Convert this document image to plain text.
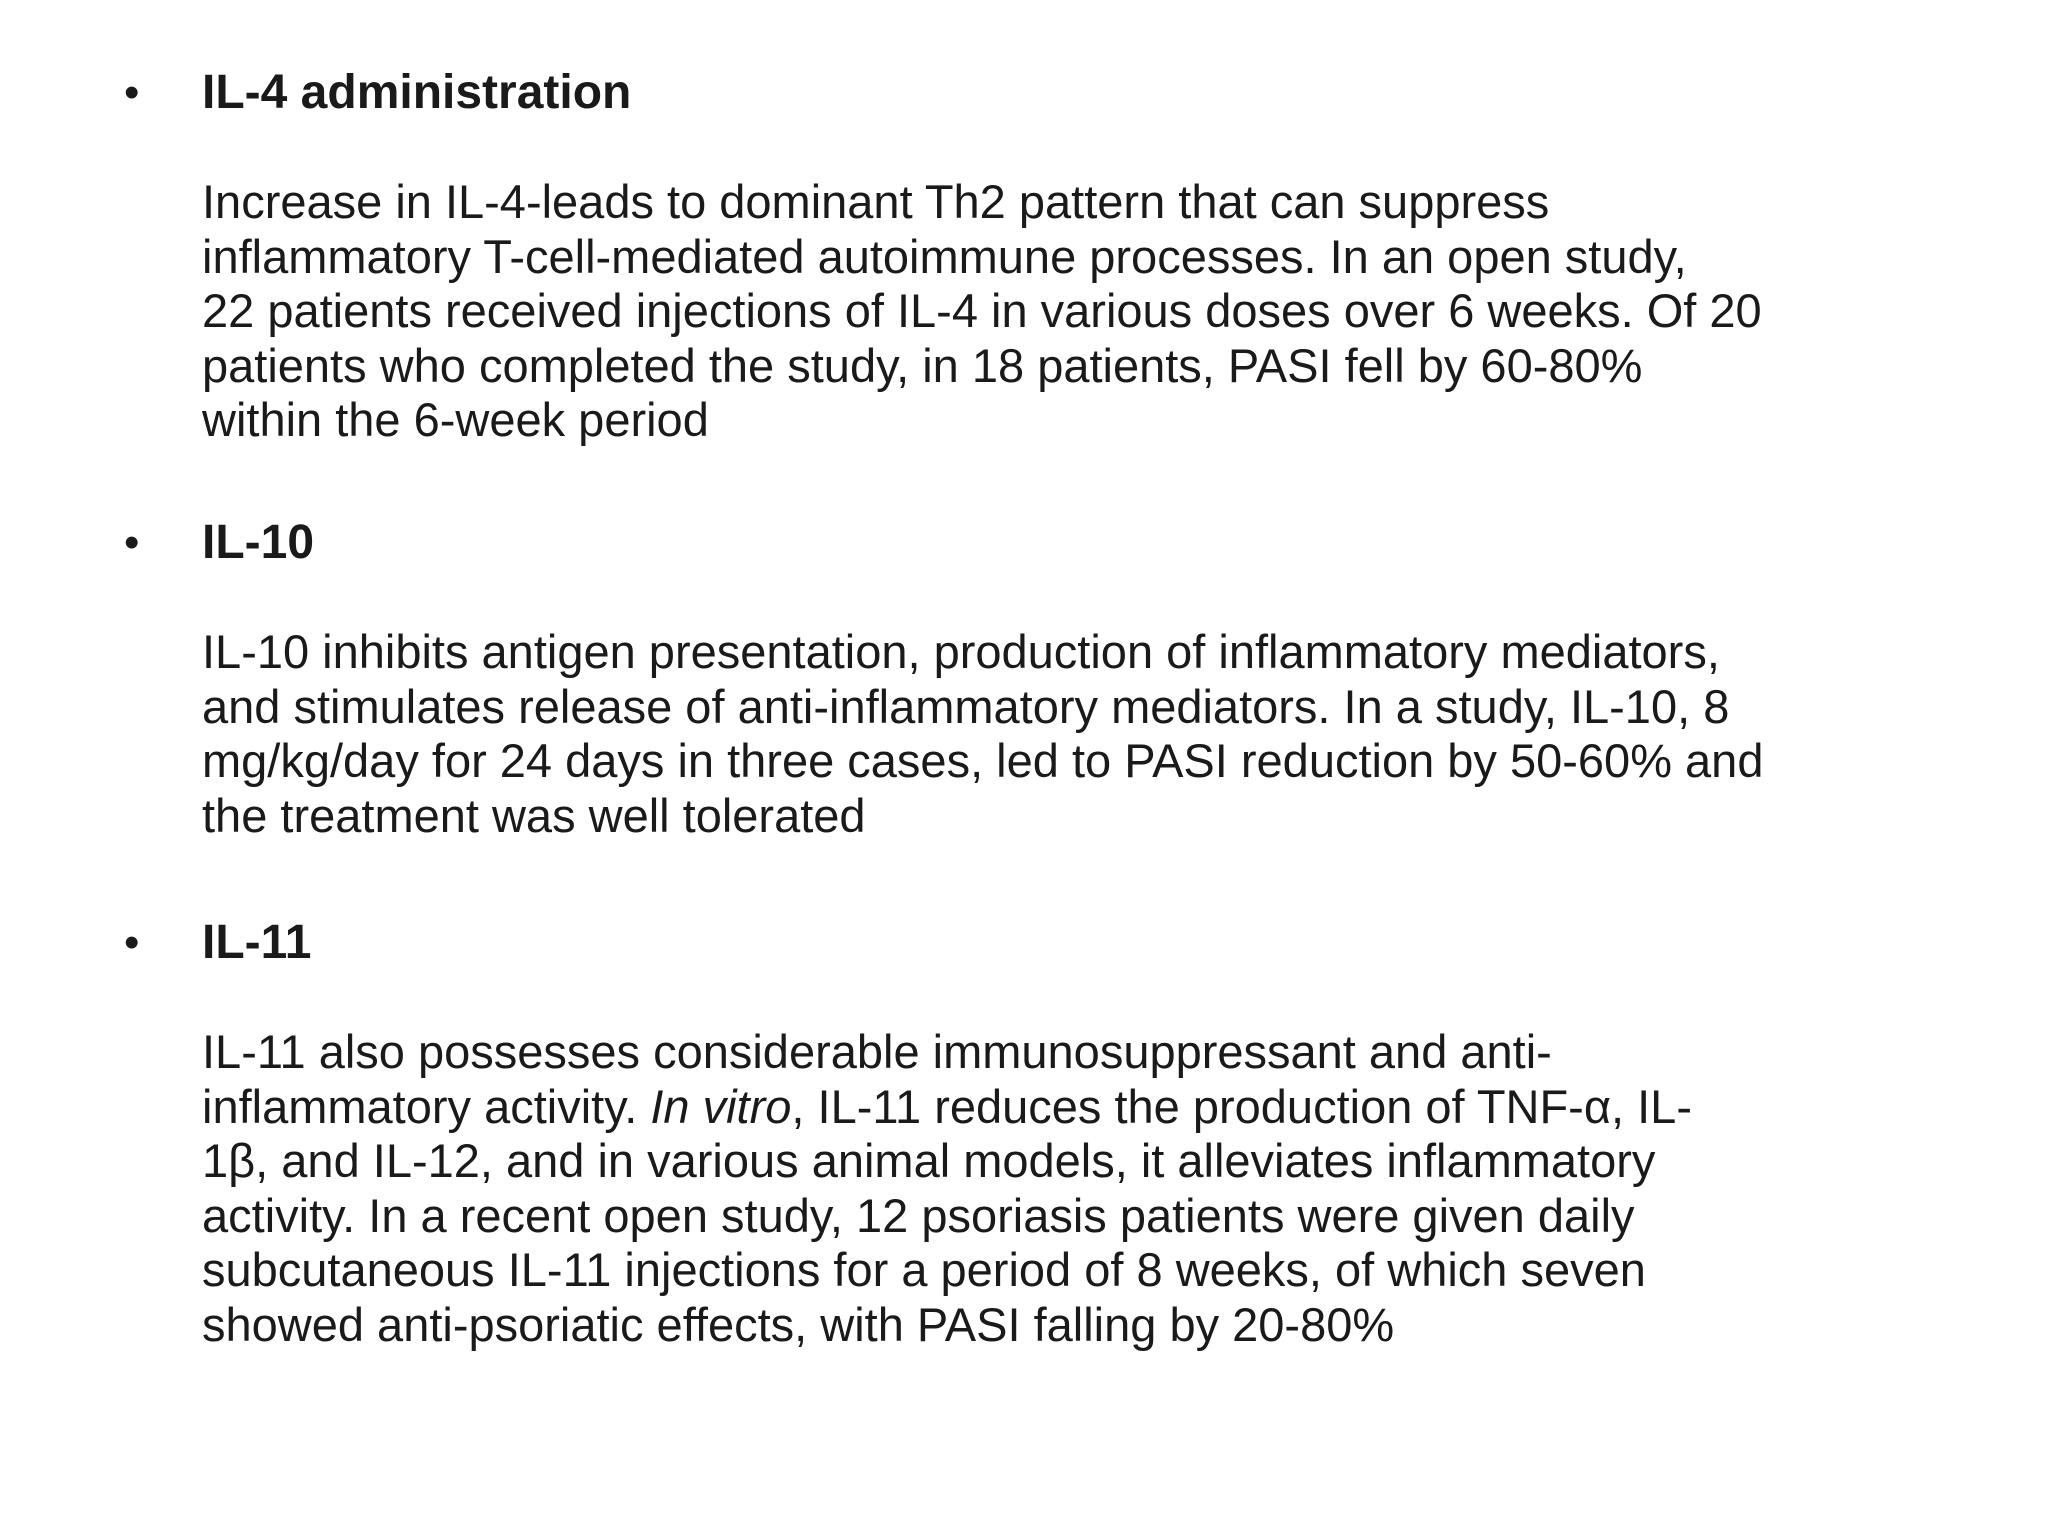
• IL-4 administration
Increase in IL-4-leads to dominant Th2 pattern that can suppress
inflammatory T-cell-mediated autoimmune processes. In an open study,
22 patients received injections of IL-4 in various doses over 6 weeks. Of 20
patients who completed the study, in 18 patients, PASI fell by 60-80%
within the 6-week period
• IL-10
IL-10 inhibits antigen presentation, production of inflammatory mediators,
and stimulates release of anti-inflammatory mediators. In a study, IL-10, 8
mg/kg/day for 24 days in three cases, led to PASI reduction by 50-60% and
the treatment was well tolerated
• IL-11
IL-11 also possesses considerable immunosuppressant and anti-
inflammatory activity. In vitro, IL-11 reduces the production of TNF-α, IL-
1β, and IL-12, and in various animal models, it alleviates inflammatory
activity. In a recent open study, 12 psoriasis patients were given daily
subcutaneous IL-11 injections for a period of 8 weeks, of which seven
showed anti-psoriatic effects, with PASI falling by 20-80%
